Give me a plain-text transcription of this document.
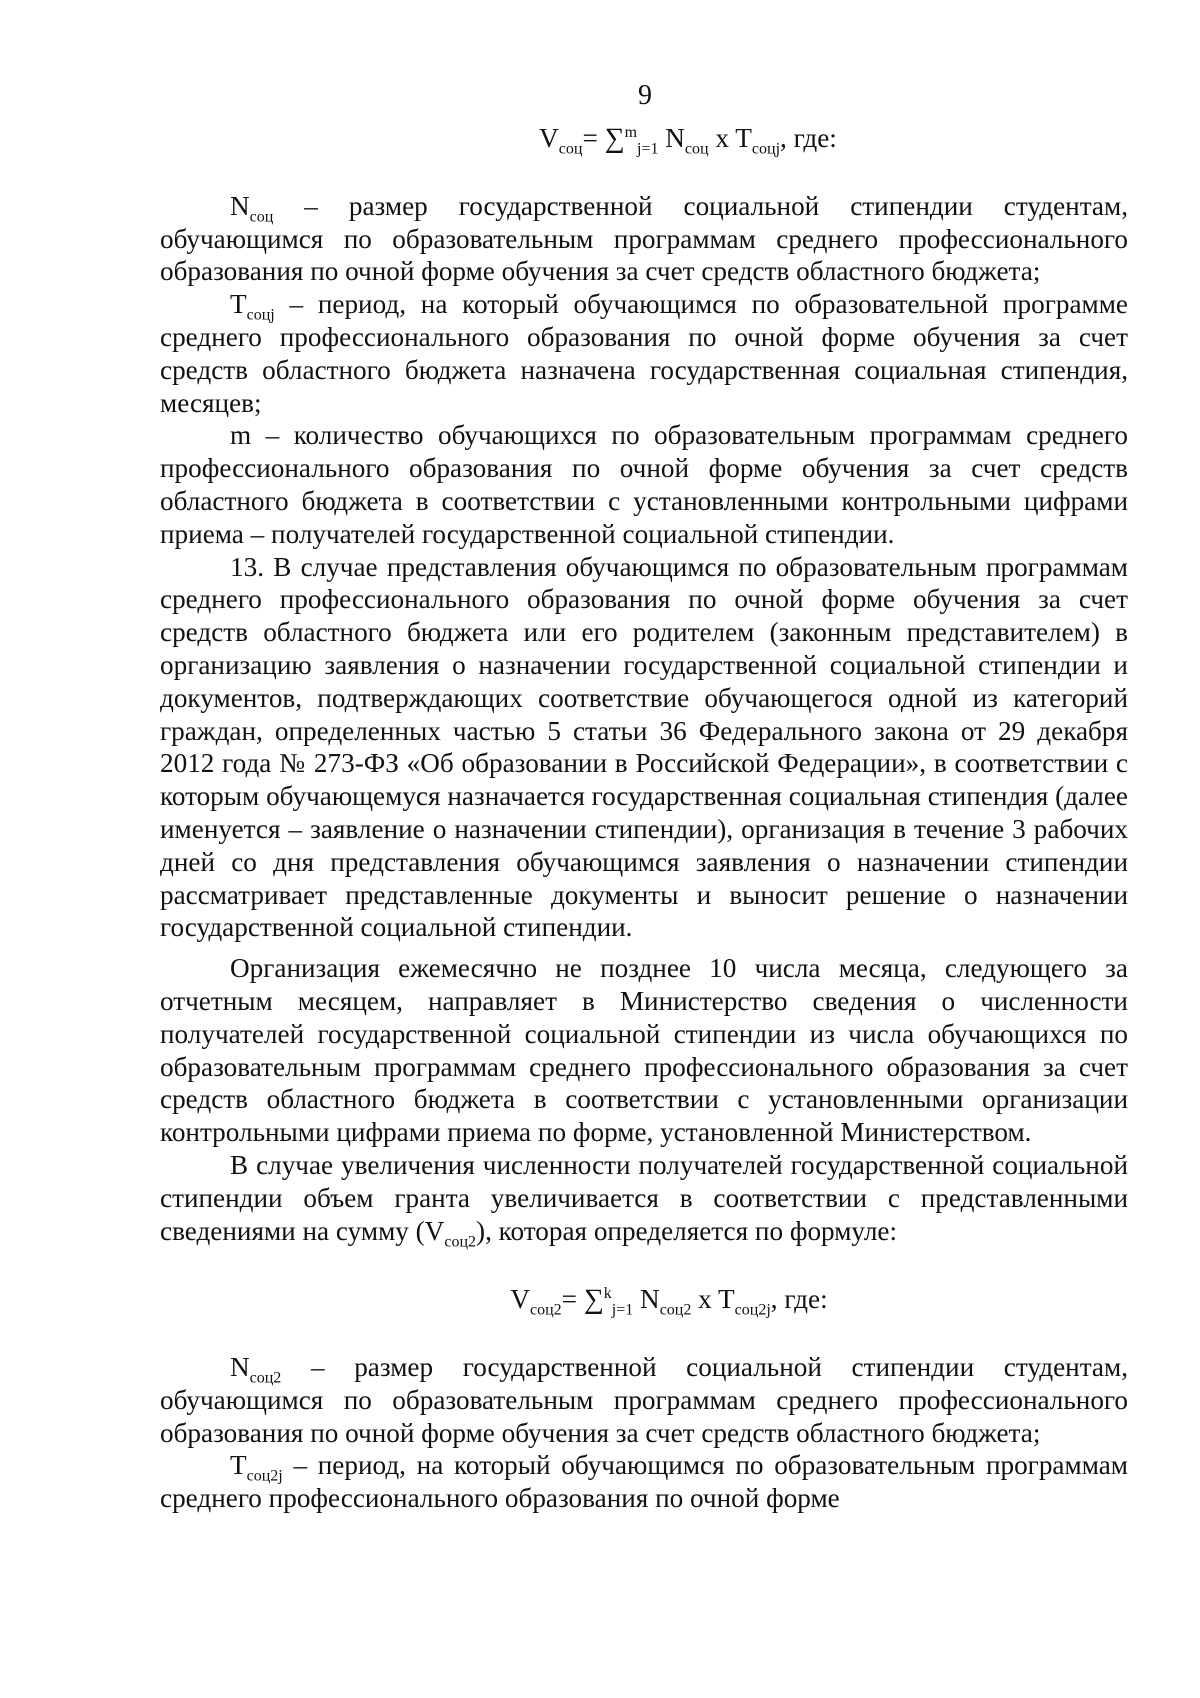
9
$V_{соц}= \sum^m_{j=1}$ $N_{соц}$ x $T_{соцj}$, где:

$N_{соц}$ – размер государственной социальной стипендии студентам, обучающимся по образовательным программам среднего профессионального образования по очной форме обучения за счет средств областного бюджета;

$T_{соцj}$ – период, на который обучающимся по образовательной программе среднего профессионального образования по очной форме обучения за счет средств областного бюджета назначена государственная социальная стипендия, месяцев;

m – количество обучающихся по образовательным программам среднего профессионального образования по очной форме обучения за счет средств областного бюджета в соответствии с установленными контрольными цифрами приема – получателей государственной социальной стипендии.

13. В случае представления обучающимся по образовательным программам среднего профессионального образования по очной форме обучения за счет средств областного бюджета или его родителем (законным представителем) в организацию заявления о назначении государственной социальной стипендии и документов, подтверждающих соответствие обучающегося одной из категорий граждан, определенных частью 5 статьи 36 Федерального закона от 29 декабря 2012 года № 273-ФЗ «Об образовании в Российской Федерации», в соответствии с которым обучающемуся назначается государственная социальная стипендия (далее именуется – заявление о назначении стипендии), организация в течение 3 рабочих дней со дня представления обучающимся заявления о назначении стипендии рассматривает представленные документы и выносит решение о назначении государственной социальной стипендии.

Организация ежемесячно не позднее 10 числа месяца, следующего за отчетным месяцем, направляет в Министерство сведения о численности получателей государственной социальной стипендии из числа обучающихся по образовательным программам среднего профессионального образования за счет средств областного бюджета в соответствии с установленными организации контрольными цифрами приема по форме, установленной Министерством.

В случае увеличения численности получателей государственной социальной стипендии объем гранта увеличивается в соответствии с представленными сведениями на сумму $(V_{соц2})$, которая определяется по формуле:

$V_{соц2}= \sum^k_{j=1}$ $N_{соц2}$ x $T_{соц2j}$, где:

$N_{соц2}$ – размер государственной социальной стипендии студентам, обучающимся по образовательным программам среднего профессионального образования по очной форме обучения за счет средств областного бюджета;

$T_{соц2j}$ – период, на который обучающимся по образовательным программам среднего профессионального образования по очной форме
